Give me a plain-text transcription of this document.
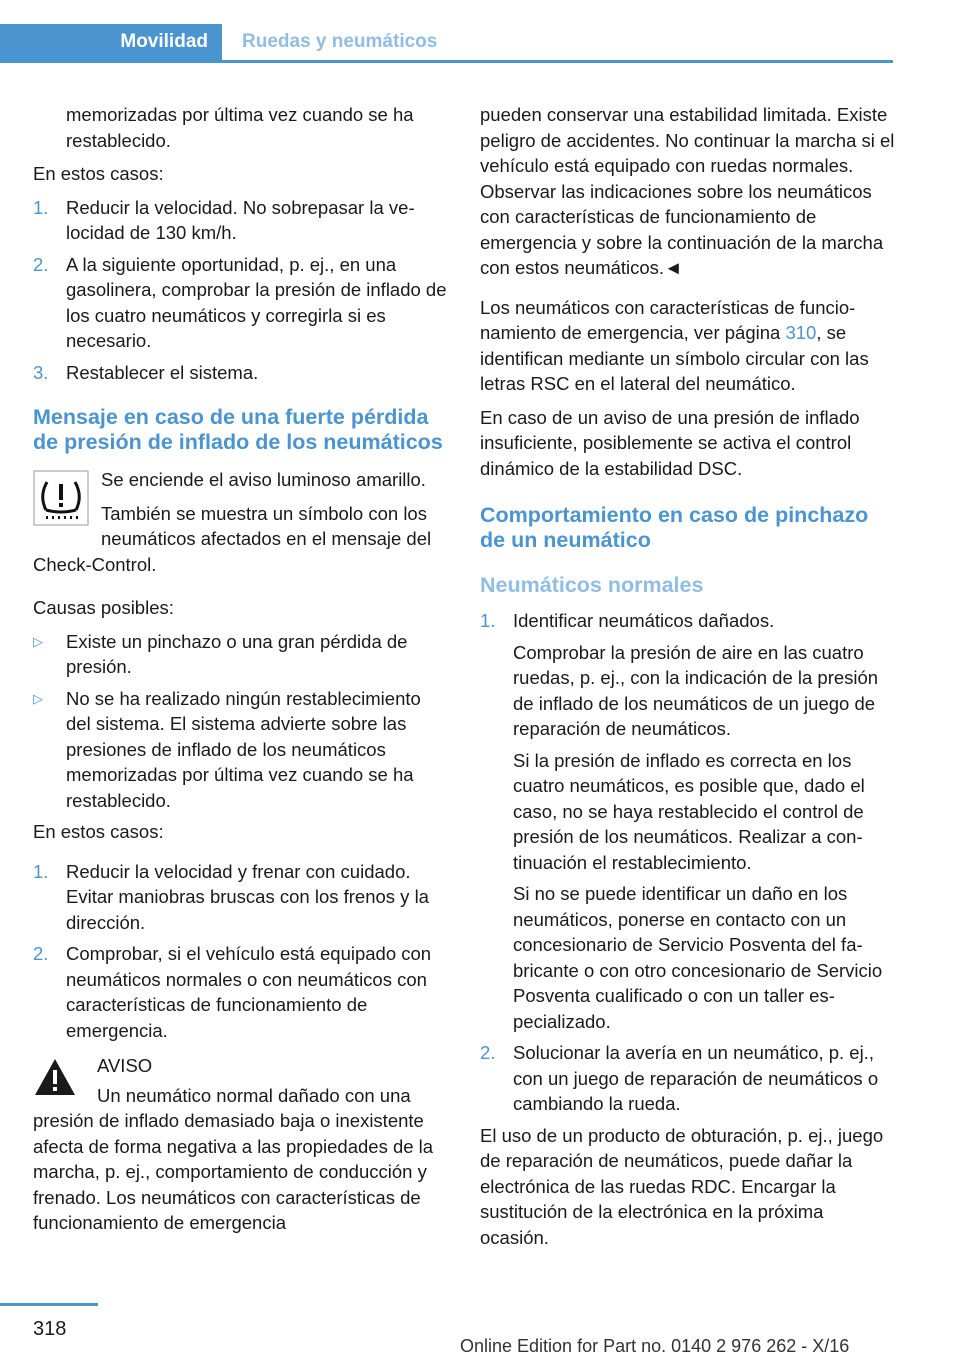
Movilidad	Ruedas y neumáticos

memorizadas por última vez cuando se ha restablecido.

En estos casos:

1. Reducir la velocidad. No sobrepasar la velocidad de 130 km/h.
2. A la siguiente oportunidad, p. ej., en una gasolinera, comprobar la presión de inflado de los cuatro neumáticos y corregirla si es necesario.
3. Restablecer el sistema.
Mensaje en caso de una fuerte pérdida de presión de inflado de los neumáticos

Se enciende el aviso luminoso amarillo.

También se muestra un símbolo con los neumáticos afectados en el mensaje del Check-Control.

Causas posibles:

▷ Existe un pinchazo o una gran pérdida de presión.
▷ No se ha realizado ningún restablecimiento del sistema. El sistema advierte sobre las presiones de inflado de los neumáticos memorizadas por última vez cuando se ha restablecido.

En estos casos:

1. Reducir la velocidad y frenar con cuidado. Evitar maniobras bruscas con los frenos y la dirección.
2. Comprobar, si el vehículo está equipado con neumáticos normales o con neumáticos con características de funcionamiento de emergencia.

AVISO

Un neumático normal dañado con una presión de inflado demasiado baja o inexistente afecta de forma negativa a las propiedades de la marcha, p. ej., comportamiento de conducción y frenado. Los neumáticos con características de funcionamiento de emergencia

pueden conservar una estabilidad limitada. Existe peligro de accidentes. No continuar la marcha si el vehículo está equipado con ruedas normales. Observar las indicaciones sobre los neumáticos con características de funcionamiento de emergencia y sobre la continuación de la marcha con estos neumáticos.◄

Los neumáticos con características de funcionamiento de emergencia, ver página 310, se identifican mediante un símbolo circular con las letras RSC en el lateral del neumático.

En caso de un aviso de una presión de inflado insuficiente, posiblemente se activa el control dinámico de la estabilidad DSC.

Comportamiento en caso de pinchazo de un neumático
Neumáticos normales
1. Identificar neumáticos dañados.

Comprobar la presión de aire en las cuatro ruedas, p. ej., con la indicación de la presión de inflado de los neumáticos de un juego de reparación de neumáticos.

Si la presión de inflado es correcta en los cuatro neumáticos, es posible que, dado el caso, no se haya restablecido el control de presión de los neumáticos. Realizar a continuación el restablecimiento.

Si no se puede identificar un daño en los neumáticos, ponerse en contacto con un concesionario de Servicio Posventa del fabricante o con otro concesionario de Servicio Posventa cualificado o con un taller especializado.

2. Solucionar la avería en un neumático, p. ej., con un juego de reparación de neumáticos o cambiando la rueda.

El uso de un producto de obturación, p. ej., juego de reparación de neumáticos, puede dañar la electrónica de las ruedas RDC. Encargar la sustitución de la electrónica en la próxima ocasión.

318
Online Edition for Part no. 0140 2 976 262 - X/16
